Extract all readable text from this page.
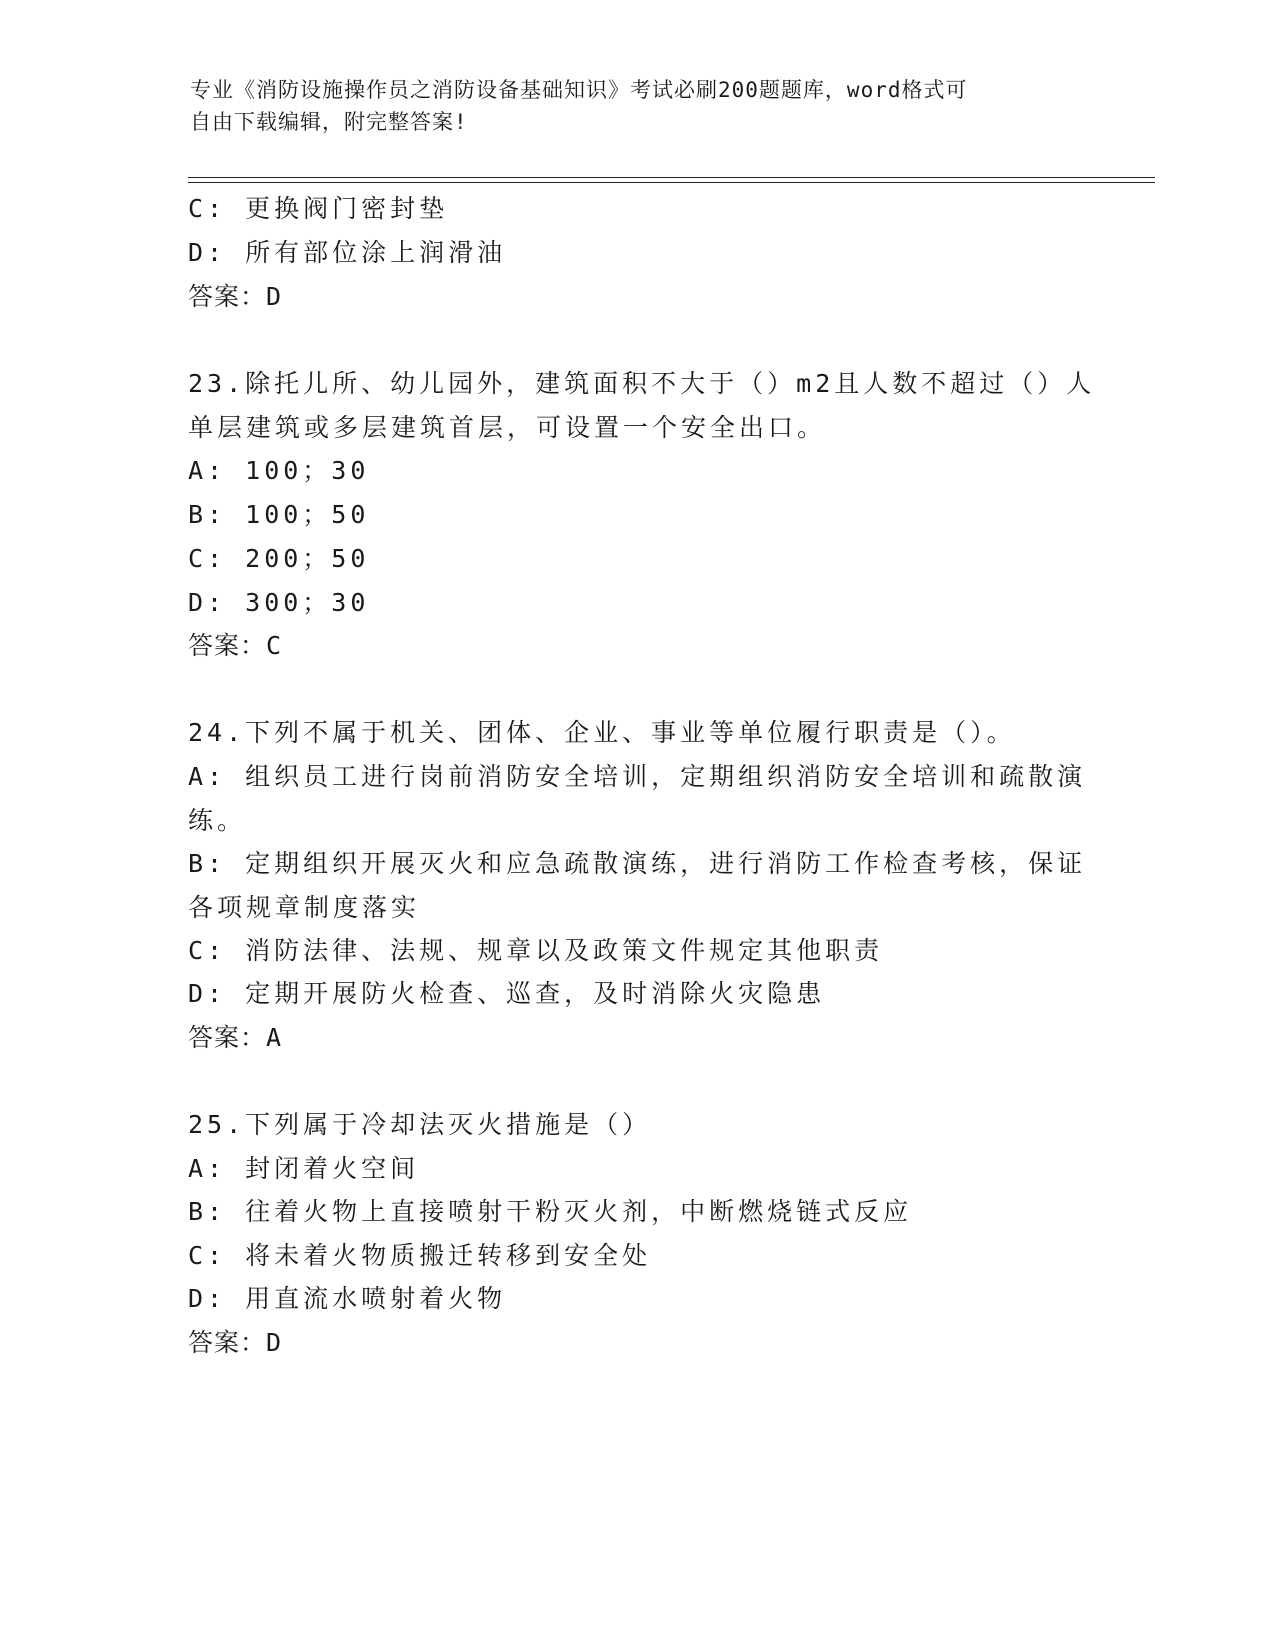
专业《消防设施操作员之消防设备基础知识》考试必刷200题题库，word格式可
自由下载编辑，附完整答案!
C: 更换阀门密封垫
D: 所有部位涂上润滑油
答案：D
23.除托儿所、幼儿园外，建筑面积不大于（）m2且人数不超过（）人
单层建筑或多层建筑首层，可设置一个安全出口。
A: 100；30
B: 100；50
C: 200；50
D: 300；30
答案：C
24.下列不属于机关、团体、企业、事业等单位履行职责是（）。
A: 组织员工进行岗前消防安全培训，定期组织消防安全培训和疏散演
练。
B: 定期组织开展灭火和应急疏散演练，进行消防工作检查考核，保证
各项规章制度落实
C: 消防法律、法规、规章以及政策文件规定其他职责
D: 定期开展防火检查、巡查，及时消除火灾隐患
答案：A
25.下列属于冷却法灭火措施是（）
A: 封闭着火空间
B: 往着火物上直接喷射干粉灭火剂，中断燃烧链式反应
C: 将未着火物质搬迁转移到安全处
D: 用直流水喷射着火物
答案：D
